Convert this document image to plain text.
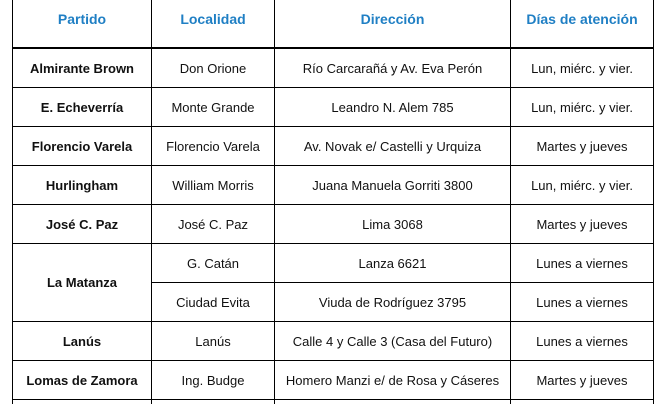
Partido	Localidad	Dirección	Días de atención
Almirante Brown	Don Orione	Río Carcarañá y Av. Eva Perón	Lun, miérc. y vier.
E. Echeverría	Monte Grande	Leandro N. Alem 785	Lun, miérc. y vier.
Florencio Varela	Florencio Varela	Av. Novak e/ Castelli y Urquiza	Martes y jueves
Hurlingham	William Morris	Juana Manuela Gorriti 3800	Lun, miérc. y vier.
José C. Paz	José C. Paz	Lima 3068	Martes y jueves
La Matanza	G. Catán	Lanza 6621	Lunes a viernes
	Ciudad Evita	Viuda de Rodríguez 3795	Lunes a viernes
Lanús	Lanús	Calle 4 y Calle 3 (Casa del Futuro)	Lunes a viernes
Lomas de Zamora	Ing. Budge	Homero Manzi e/ de Rosa y Cáseres	Martes y jueves
